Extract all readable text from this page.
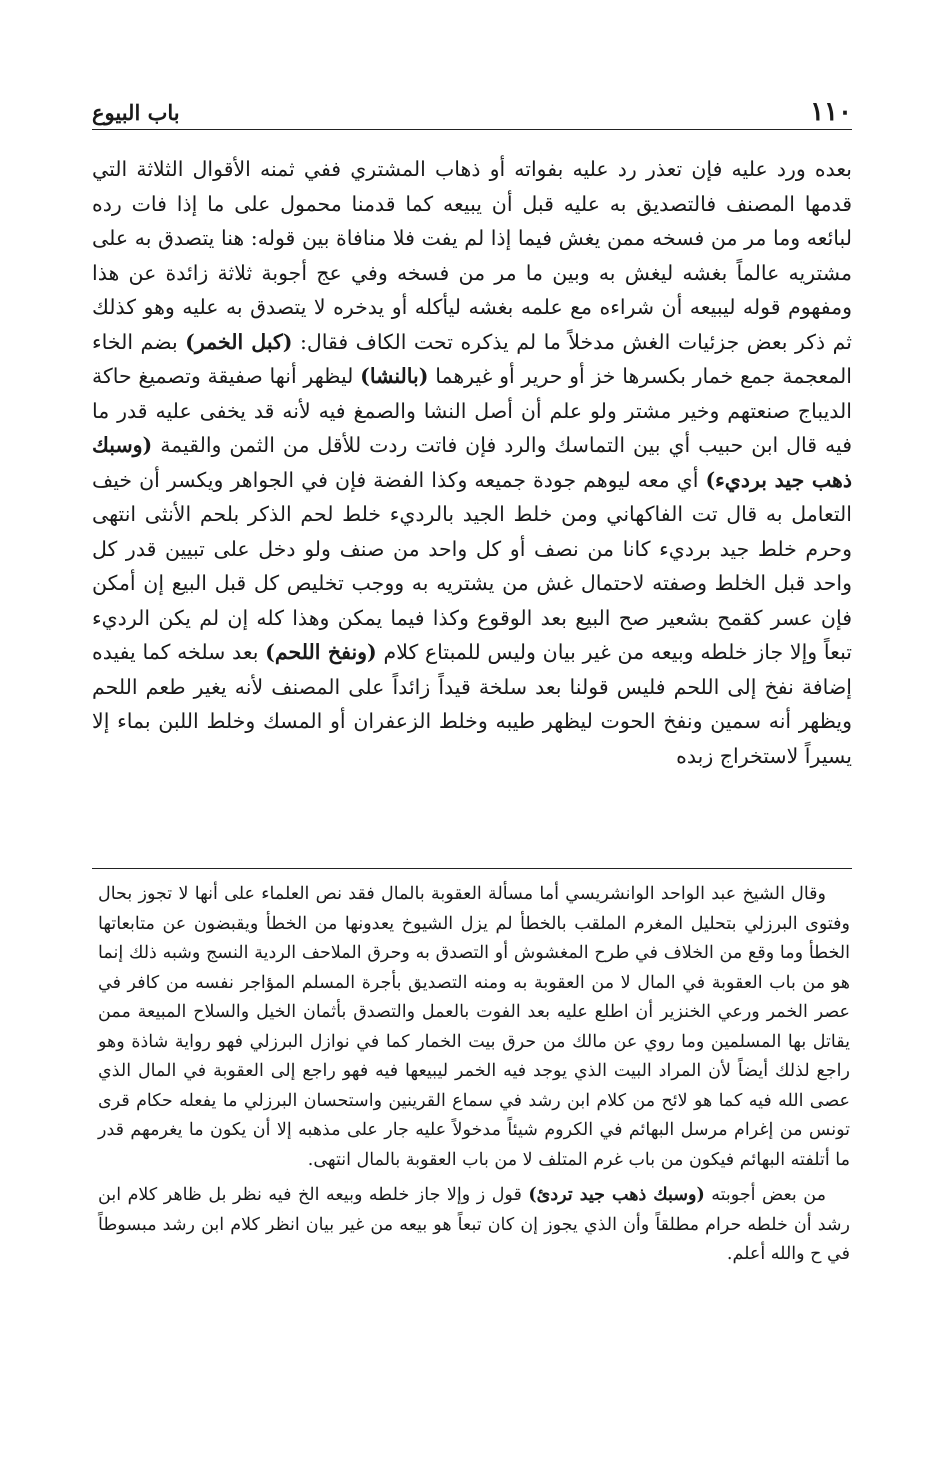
١١٠
باب البيوع

بعده ورد عليه فإن تعذر رد عليه بفواته أو ذهاب المشتري ففي ثمنه الأقوال الثلاثة التي قدمها المصنف فالتصديق به عليه قبل أن يبيعه كما قدمنا محمول على ما إذا فات رده لبائعه وما مر من فسخه ممن يغش فيما إذا لم يفت فلا منافاة بين قوله: هنا يتصدق به على مشتريه عالماً بغشه ليغش به وبين ما مر من فسخه وفي عج أجوبة ثلاثة زائدة عن هذا ومفهوم قوله ليبيعه أن شراءه مع علمه بغشه ليأكله أو يدخره لا يتصدق به عليه وهو كذلك ثم ذكر بعض جزئيات الغش مدخلاً ما لم يذكره تحت الكاف فقال: (كبل الخمر) بضم الخاء المعجمة جمع خمار بكسرها خز أو حرير أو غيرهما (بالنشا) ليظهر أنها صفيقة وتصميغ حاكة الديباج صنعتهم وخير مشتر ولو علم أن أصل النشا والصمغ فيه لأنه قد يخفى عليه قدر ما فيه قال ابن حبيب أي بين التماسك والرد فإن فاتت ردت للأقل من الثمن والقيمة (وسبك ذهب جيد برديء) أي معه ليوهم جودة جميعه وكذا الفضة فإن في الجواهر ويكسر أن خيف التعامل به قال تت الفاكهاني ومن خلط الجيد بالرديء خلط لحم الذكر بلحم الأنثى انتهى وحرم خلط جيد برديء كانا من نصف أو كل واحد من صنف ولو دخل على تبيين قدر كل واحد قبل الخلط وصفته لاحتمال غش من يشتريه به ووجب تخليص كل قبل البيع إن أمكن فإن عسر كقمح بشعير صح البيع بعد الوقوع وكذا فيما يمكن وهذا كله إن لم يكن الرديء تبعاً وإلا جاز خلطه وبيعه من غير بيان وليس للمبتاع كلام (ونفخ اللحم) بعد سلخه كما يفيده إضافة نفخ إلى اللحم فليس قولنا بعد سلخة قيداً زائداً على المصنف لأنه يغير طعم اللحم ويظهر أنه سمين ونفخ الحوت ليظهر طيبه وخلط الزعفران أو المسك وخلط اللبن بماء إلا يسيراً لاستخراج زبده

وقال الشيخ عبد الواحد الوانشريسي أما مسألة العقوبة بالمال فقد نص العلماء على أنها لا تجوز بحال وفتوى البرزلي بتحليل المغرم الملقب بالخطأ لم يزل الشيوخ يعدونها من الخطأ ويقبضون عن متابعاتها الخطأ وما وقع من الخلاف في طرح المغشوش أو التصدق به وحرق الملاحف الردية النسج وشبه ذلك إنما هو من باب العقوبة في المال لا من العقوبة به ومنه التصديق بأجرة المسلم المؤاجر نفسه من كافر في عصر الخمر ورعي الخنزير أن اطلع عليه بعد الفوت بالعمل والتصدق بأثمان الخيل والسلاح المبيعة ممن يقاتل بها المسلمين وما روي عن مالك من حرق بيت الخمار كما في نوازل البرزلي فهو رواية شاذة وهو راجع لذلك أيضاً لأن المراد البيت الذي يوجد فيه الخمر ليبيعها فيه فهو راجع إلى العقوبة في المال الذي عصى الله فيه كما هو لائح من كلام ابن رشد في سماع القرينين واستحسان البرزلي ما يفعله حكام قرى تونس من إغرام مرسل البهائم في الكروم شيئاً مدخولاً عليه جار على مذهبه إلا أن يكون ما يغرمهم قدر ما أتلفته البهائم فيكون من باب غرم المتلف لا من باب العقوبة بالمال انتهى.

من بعض أجوبته (وسبك ذهب جيد تردئ) قول ز وإلا جاز خلطه وبيعه الخ فيه نظر بل ظاهر كلام ابن رشد أن خلطه حرام مطلقاً وأن الذي يجوز إن كان تبعاً هو بيعه من غير بيان انظر كلام ابن رشد مبسوطاً في ح والله أعلم.
